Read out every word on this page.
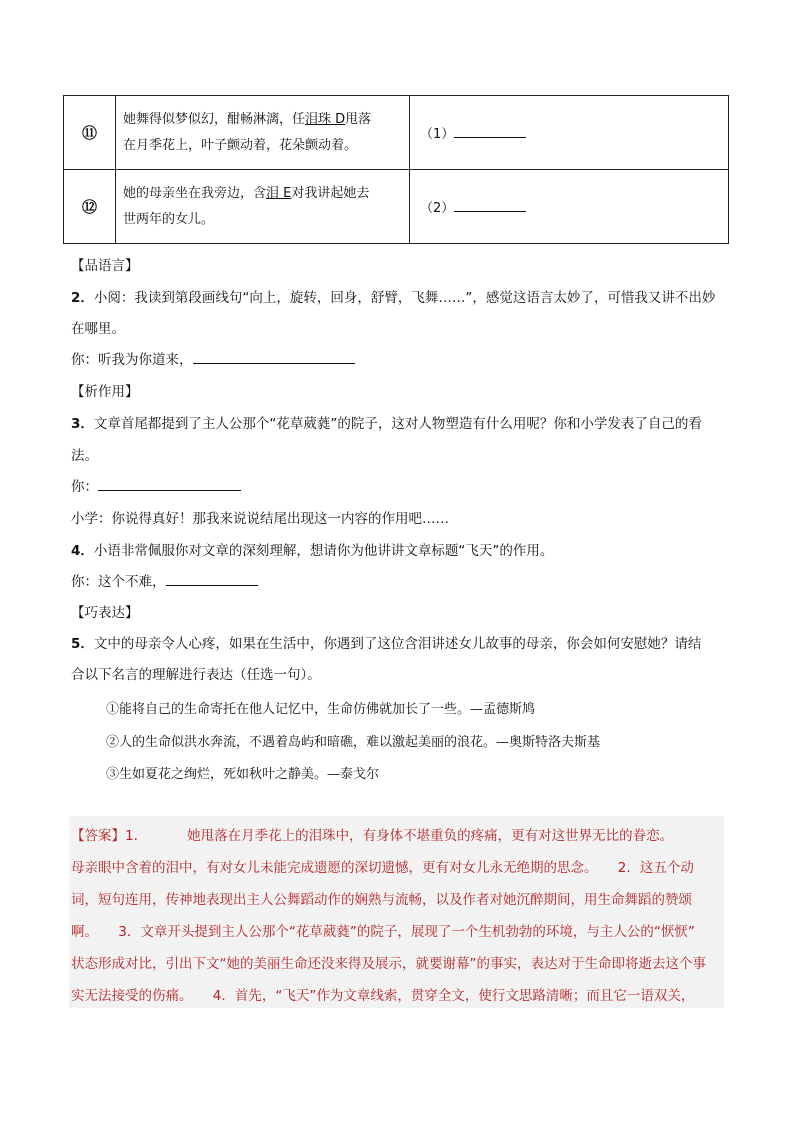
⑪	她舞得似梦似幻，酣畅淋漓，任泪珠 D甩落
在月季花上，叶子颤动着，花朵颤动着。	（1）
⑫	她的母亲坐在我旁边，含泪 E对我讲起她去
世两年的女儿。	（2）
【品语言】
2．小阅：我读到第段画线句“向上，旋转，回身，舒臂，飞舞……”，感觉这语言太妙了，可惜我又讲不出妙
在哪里。
你：听我为你道来，
【析作用】
3．文章首尾都提到了主人公那个“花草葳蕤”的院子，这对人物塑造有什么用呢？你和小学发表了自己的看
法。
你：
小学：你说得真好！那我来说说结尾出现这一内容的作用吧……
4．小语非常佩服你对文章的深刻理解，想请你为他讲讲文章标题“飞天”的作用。
你：这个不难，
【巧表达】
5．文中的母亲令人心疼，如果在生活中，你遇到了这位含泪讲述女儿故事的母亲，你会如何安慰她？请结
合以下名言的理解进行表达（任选一句）。
①能将自己的生命寄托在他人记忆中，生命仿佛就加长了一些。—孟德斯鸠
②人的生命似洪水奔流，不遇着岛屿和暗礁，难以激起美丽的浪花。—奥斯特洛夫斯基
③生如夏花之绚烂，死如秋叶之静美。—泰戈尔
【答案】1．	她甩落在月季花上的泪珠中，有身体不堪重负的疼痛，更有对这世界无比的眷恋。
母亲眼中含着的泪中，有对女儿未能完成遗愿的深切遗憾，更有对女儿永无绝期的思念。　　2．这五个动
词，短句连用，传神地表现出主人公舞蹈动作的娴熟与流畅，以及作者对她沉醉期间，用生命舞蹈的赞颂
啊。　　3．文章开头提到主人公那个“花草葳蕤”的院子，展现了一个生机勃勃的环境，与主人公的“恹恹”
状态形成对比，引出下文“她的美丽生命还没来得及展示，就要谢幕”的事实，表达对于生命即将逝去这个事
实无法接受的伤痛。　　4．首先，“飞天”作为文章线索，贯穿全文，使行文思路清晰；而且它一语双关，
